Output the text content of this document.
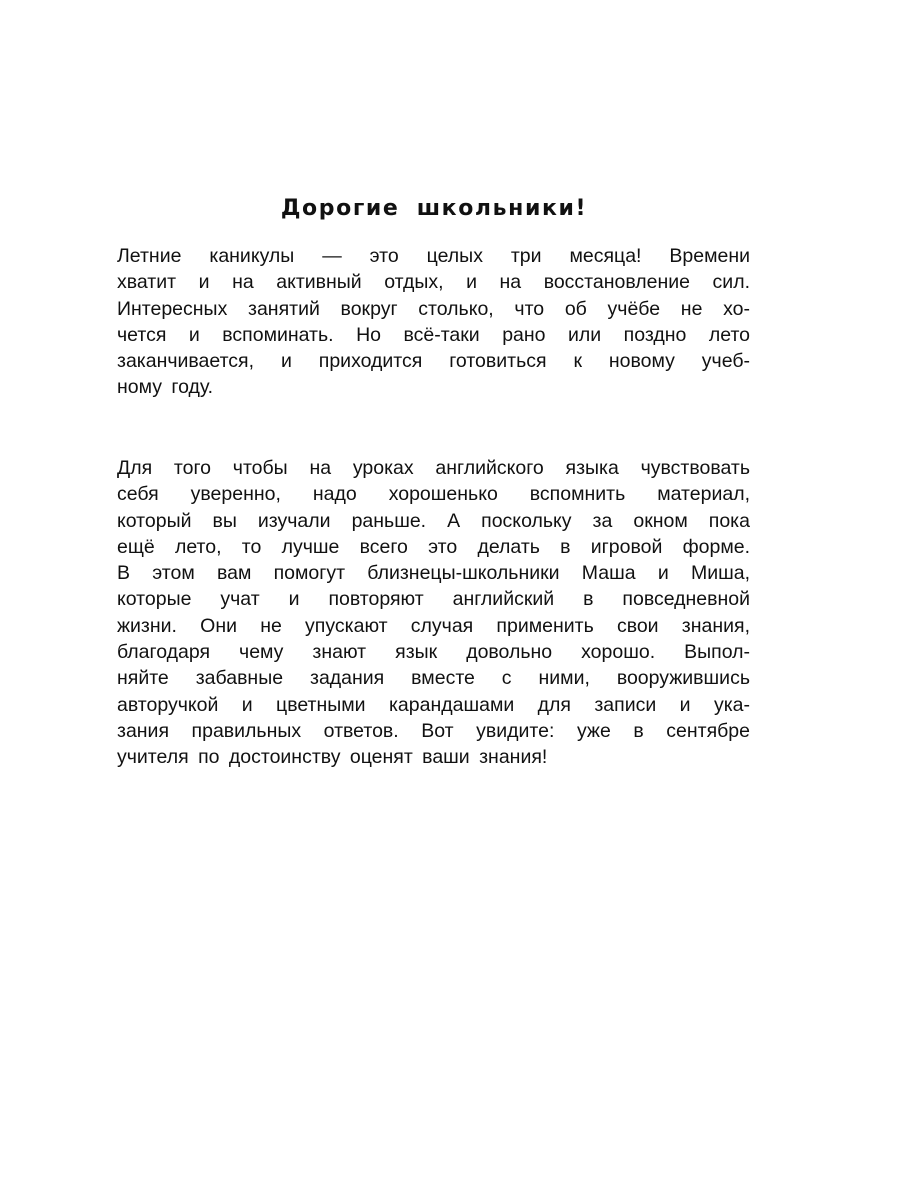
Дорогие школьники!
Летние каникулы — это целых три месяца! Времени
хватит и на активный отдых, и на восстановление сил.
Интересных занятий вокруг столько, что об учёбе не хо-
чется и вспоминать. Но всё-таки рано или поздно лето
заканчивается, и приходится готовиться к новому учеб-
ному году.
Для того чтобы на уроках английского языка чувствовать
себя уверенно, надо хорошенько вспомнить материал,
который вы изучали раньше. А поскольку за окном пока
ещё лето, то лучше всего это делать в игровой форме.
В этом вам помогут близнецы-школьники Маша и Миша,
которые учат и повторяют английский в повседневной
жизни. Они не упускают случая применить свои знания,
благодаря чему знают язык довольно хорошо. Выпол-
няйте забавные задания вместе с ними, вооружившись
авторучкой и цветными карандашами для записи и ука-
зания правильных ответов. Вот увидите: уже в сентябре
учителя по достоинству оценят ваши знания!
